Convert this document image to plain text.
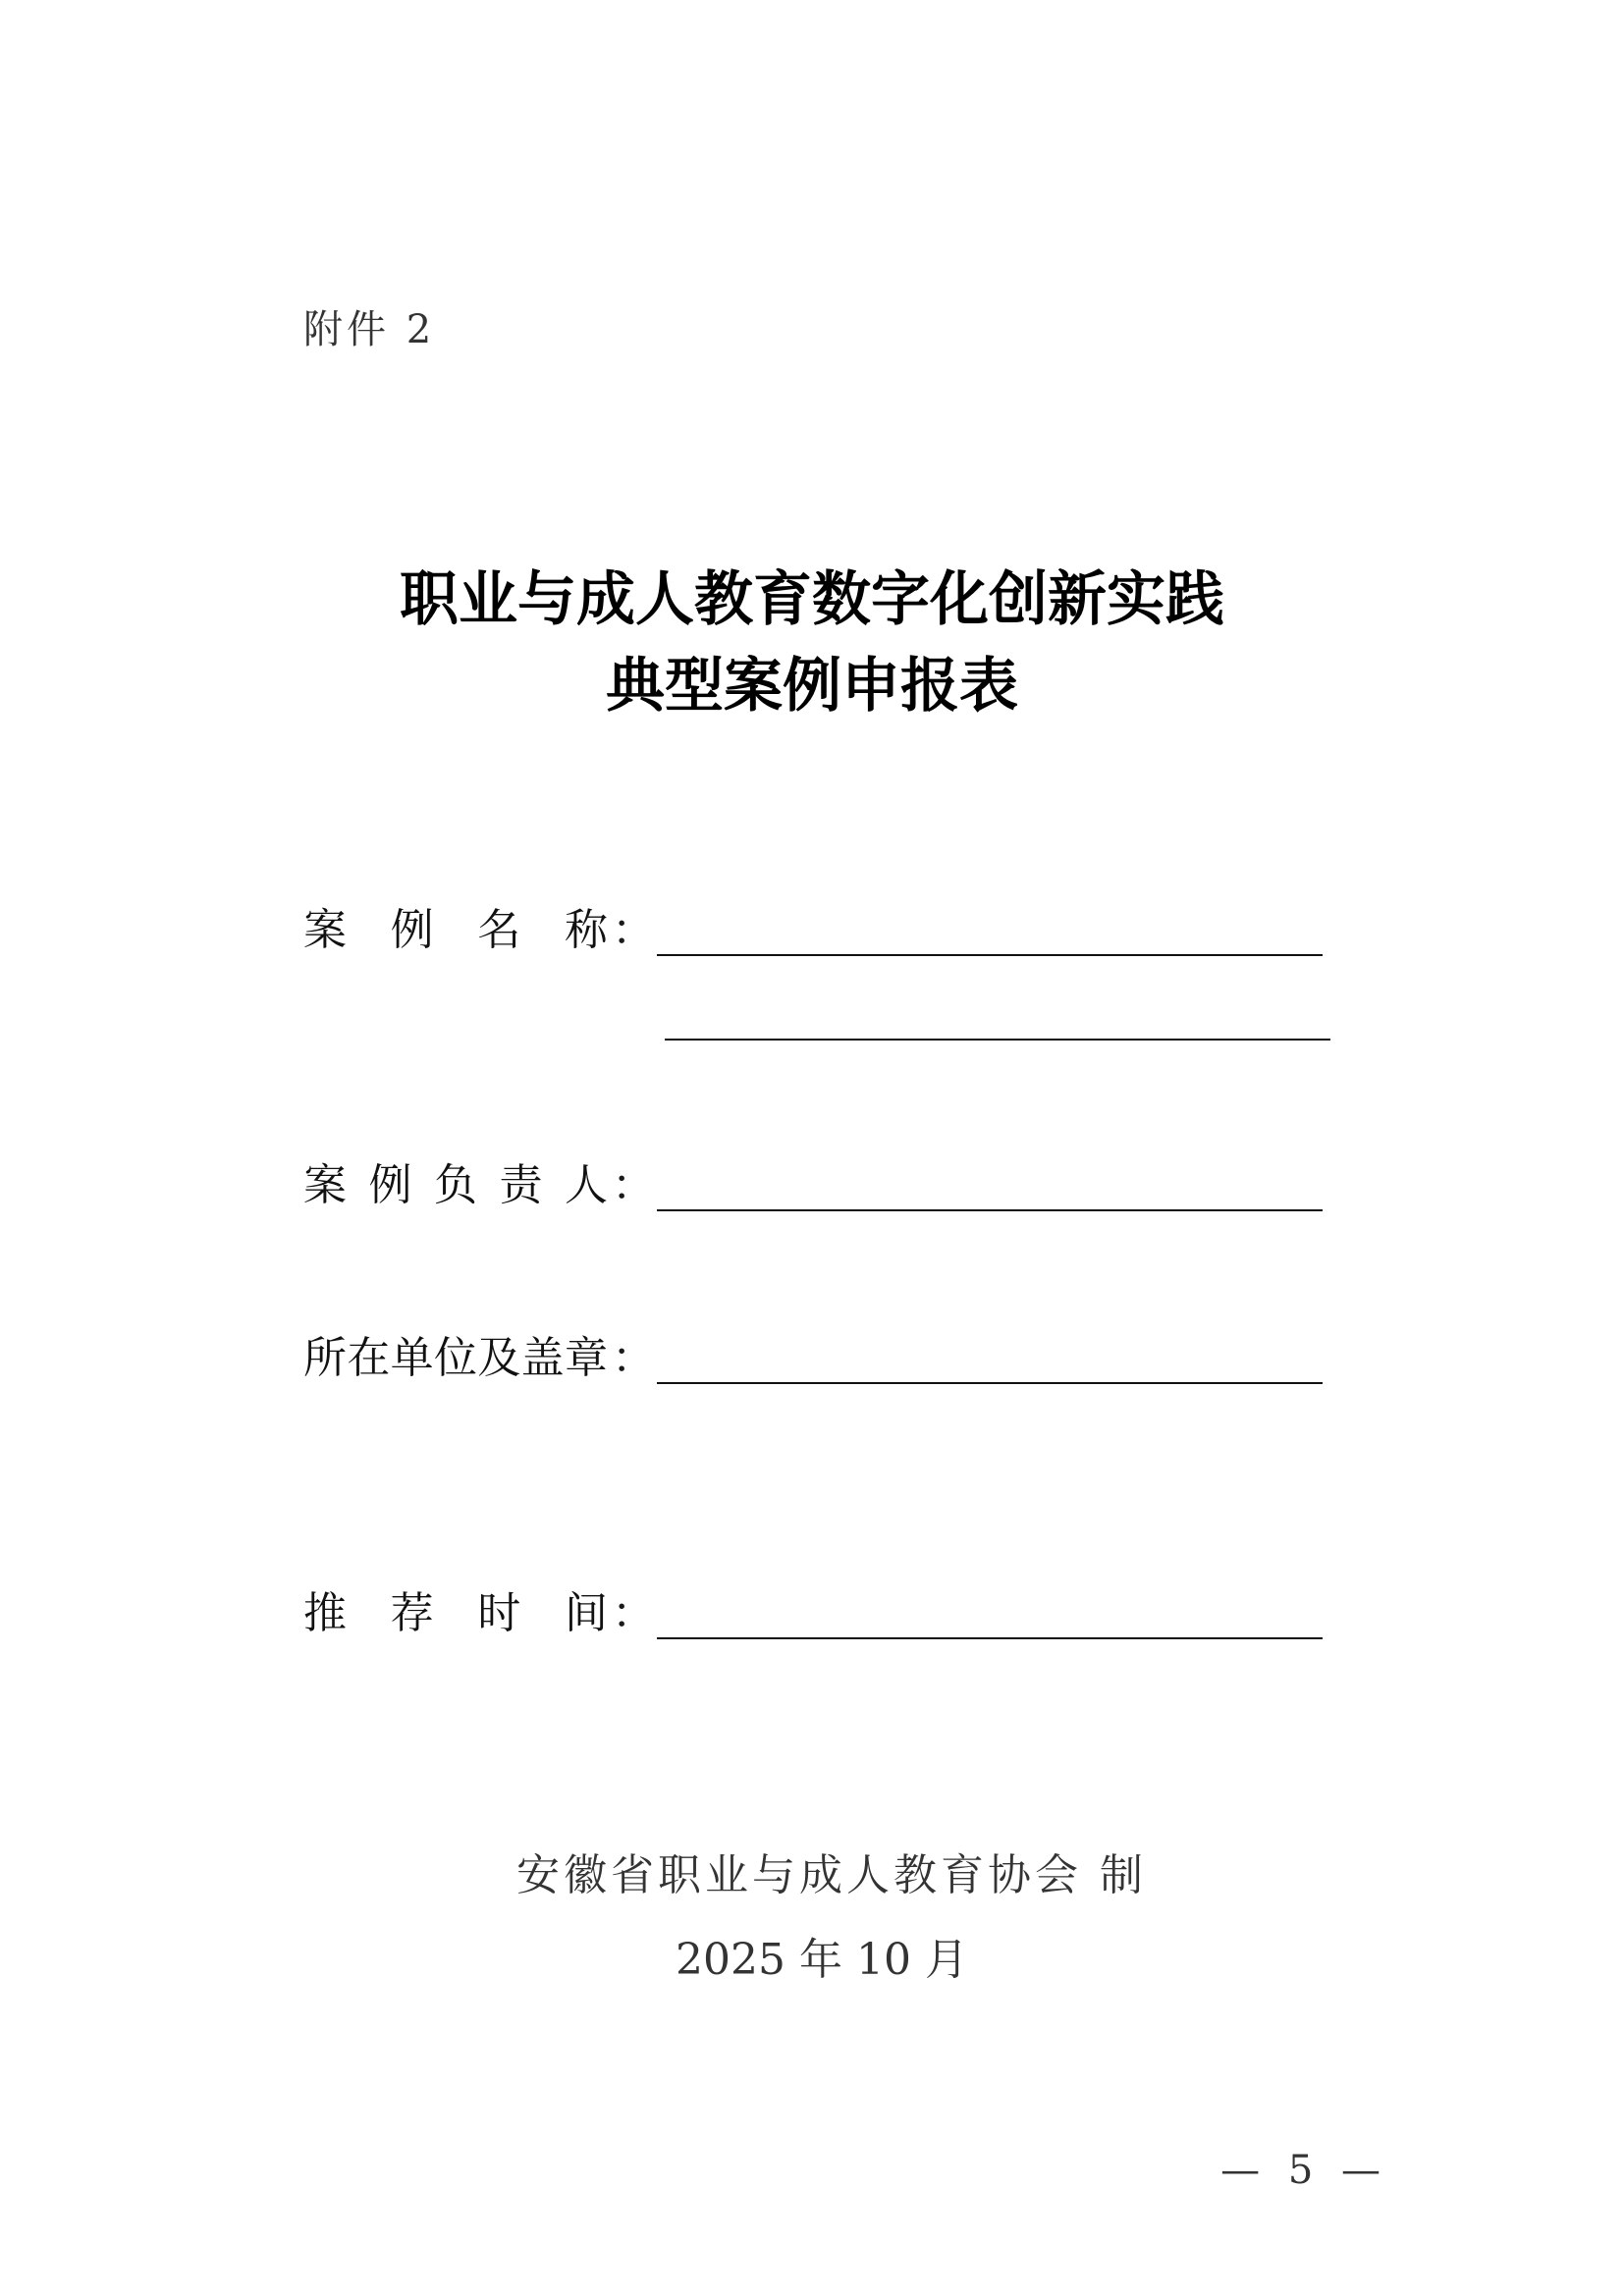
附件 2
职业与成人教育数字化创新实践
典型案例申报表
案 例 名 称 ：
案 例 负 责 人 ：
所 在 单 位 及 盖 章 ：
推 荐 时 间 ：
安徽省职业与成人教育协会 制
2025 年 10 月
— 5 —
